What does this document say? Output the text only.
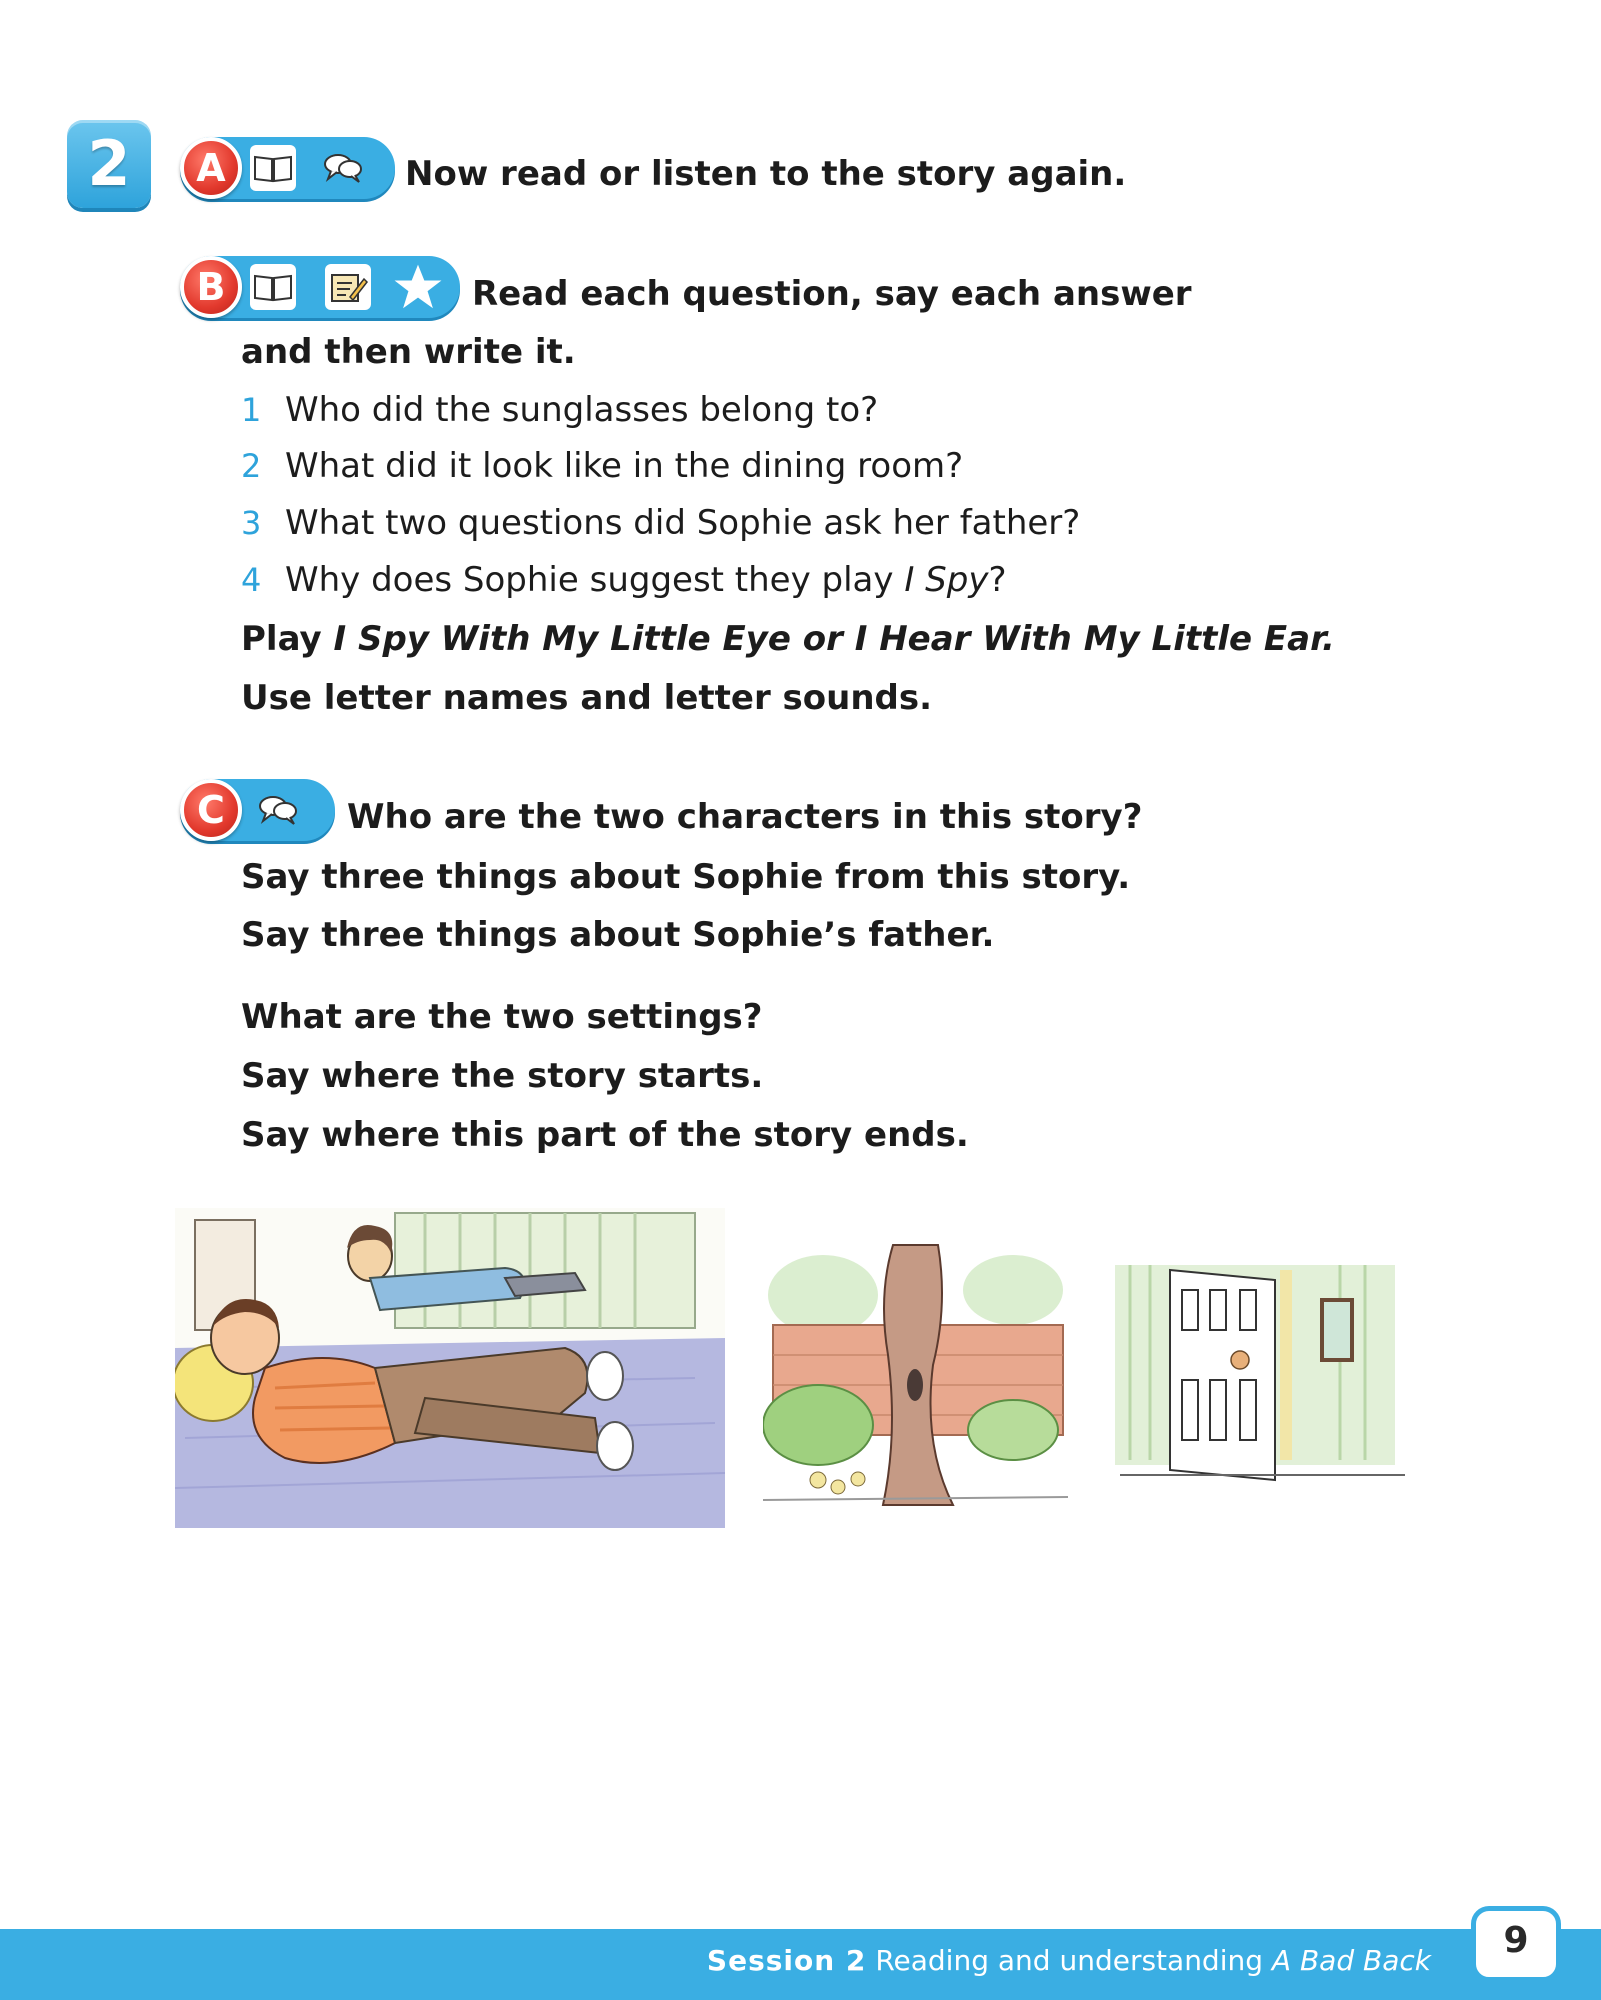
2	A	Now read or listen to the story again.
B	Read each question, say each answer
and then write it.
1 Who did the sunglasses belong to?
2 What did it look like in the dining room?
3 What two questions did Sophie ask her father?
4 Why does Sophie suggest they play I Spy?
Play I Spy With My Little Eye or I Hear With My Little Ear.
Use letter names and letter sounds.
C	Who are the two characters in this story?
Say three things about Sophie from this story.
Say three things about Sophie’s father.
What are the two settings?
Say where the story starts.
Say where this part of the story ends.
Session 2 Reading and understanding A Bad Back	9
